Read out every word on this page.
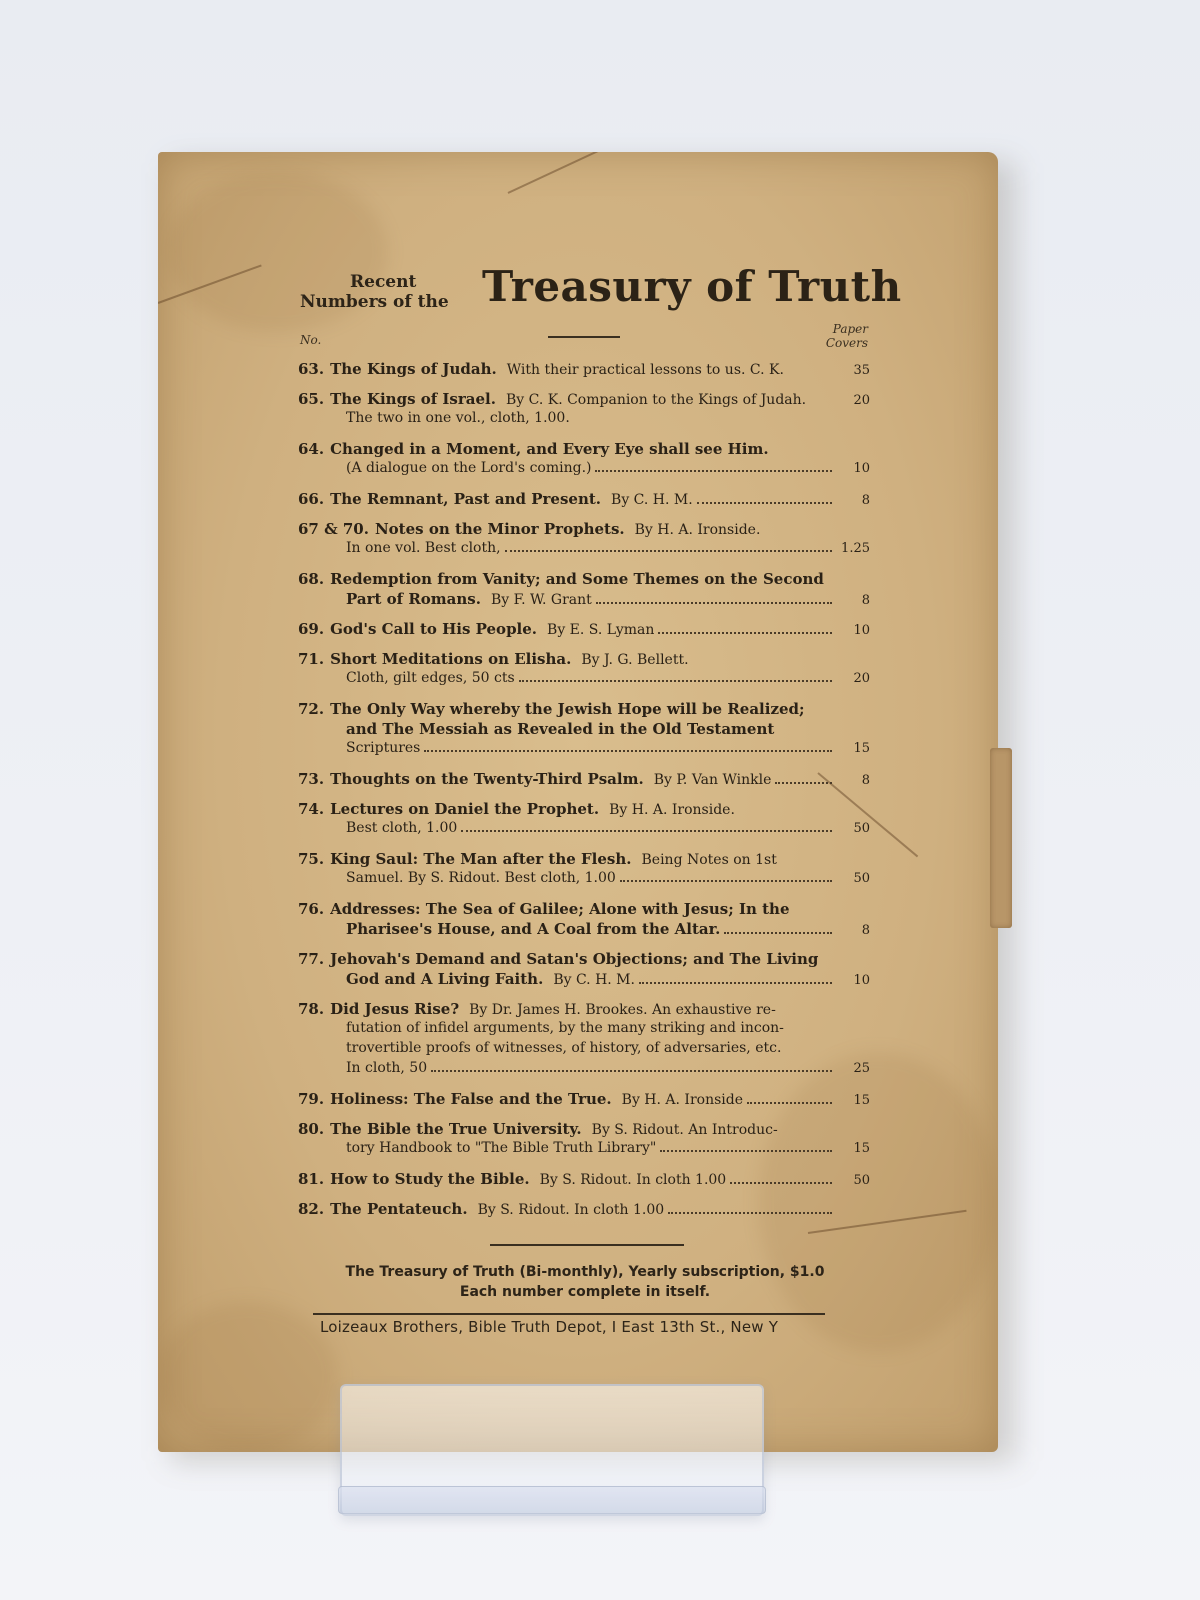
Recent
Numbers of the Treasury of Truth
No.
Paper
Covers
63. The Kings of Judah. With their practical lessons to us. C. K.	35
65. The Kings of Israel. By C. K. Companion to the Kings of Judah.	20
The two in one vol., cloth, 1.00.
64. Changed in a Moment, and Every Eye shall see Him.
(A dialogue on the Lord's coming.)	10
66. The Remnant, Past and Present. By C. H. M.	8
67 & 70. Notes on the Minor Prophets. By H. A. Ironside.
In one vol. Best cloth,	1.25
68. Redemption from Vanity; and Some Themes on the Second
Part of Romans. By F. W. Grant	8
69. God's Call to His People. By E. S. Lyman	10
71. Short Meditations on Elisha. By J. G. Bellett.
Cloth, gilt edges, 50 cts	20
72. The Only Way whereby the Jewish Hope will be Realized;
and The Messiah as Revealed in the Old Testament
Scriptures	15
73. Thoughts on the Twenty-Third Psalm. By P. Van Winkle	8
74. Lectures on Daniel the Prophet. By H. A. Ironside.
Best cloth, 1.00	50
75. King Saul: The Man after the Flesh. Being Notes on 1st
Samuel. By S. Ridout. Best cloth, 1.00	50
76. Addresses: The Sea of Galilee; Alone with Jesus; In the
Pharisee's House, and A Coal from the Altar.	8
77. Jehovah's Demand and Satan's Objections; and The Living
God and A Living Faith. By C. H. M.	10
78. Did Jesus Rise? By Dr. James H. Brookes. An exhaustive re-
futation of infidel arguments, by the many striking and incon-
trovertible proofs of witnesses, of history, of adversaries, etc.
In cloth, 50	25
79. Holiness: The False and the True. By H. A. Ironside	15
80. The Bible the True University. By S. Ridout. An Introduc-
tory Handbook to "The Bible Truth Library"	15
81. How to Study the Bible. By S. Ridout. In cloth 1.00	50
82. The Pentateuch. By S. Ridout. In cloth 1.00
The Treasury of Truth (Bi-monthly), Yearly subscription, $1.0
Each number complete in itself.
Loizeaux Brothers, Bible Truth Depot, I East 13th St., New Y
